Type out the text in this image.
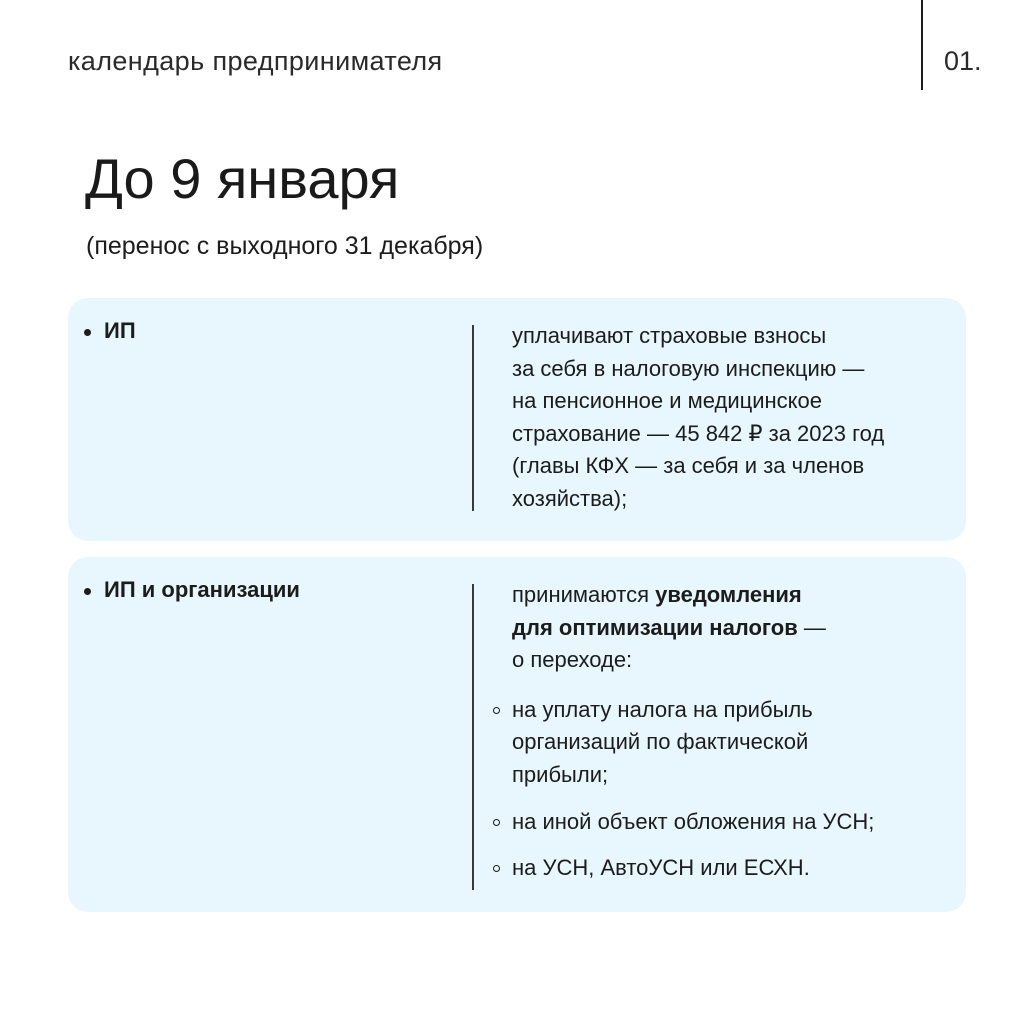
календарь предпринимателя	01.
До 9 января
(перенос с выходного 31 декабря)
ИП	уплачивают страховые взносы

за себя в налоговую инспекцию —

на пенсионное и медицинское

страхование — 45 842 ₽ за 2023 год

(главы КФХ — за себя и за членов

хозяйства);

ИП и организации	принимаются уведомления

для оптимизации налогов —

о переходе:

на уплату налога на прибыль

организаций по фактической

прибыли;

на иной объект обложения на УСН;

на УСН, АвтоУСН или ЕСХН.
